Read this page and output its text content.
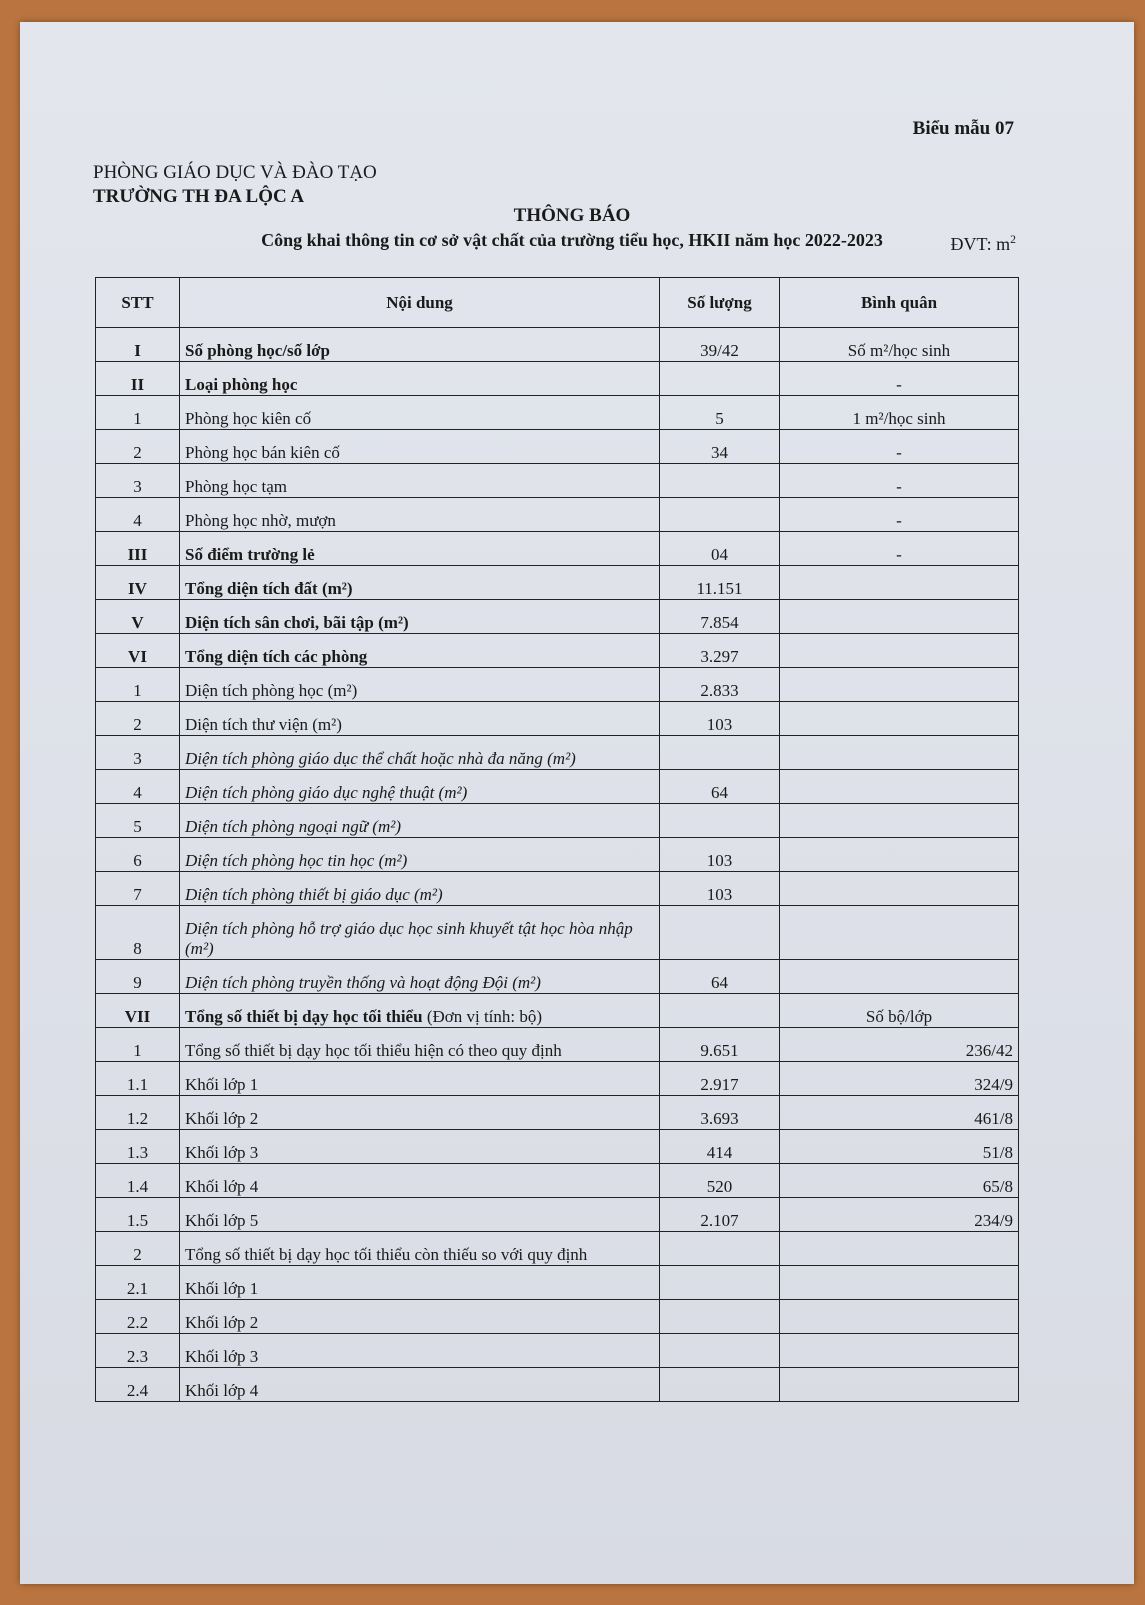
Biểu mẫu 07
PHÒNG GIÁO DỤC VÀ ĐÀO TẠO
TRƯỜNG TH ĐA LỘC A
THÔNG BÁO
Công khai thông tin cơ sở vật chất của trường tiểu học, HKII năm học 2022-2023	ĐVT: $m^2$
STT	Nội dung	Số lượng	Bình quân
I	Số phòng học/số lớp	39/42	Số m²/học sinh
II	Loại phòng học		-
1	Phòng học kiên cố	5	1 m²/học sinh
2	Phòng học bán kiên cố	34	-
3	Phòng học tạm		-
4	Phòng học nhờ, mượn		-
III	Số điểm trường lẻ	04	-
IV	Tổng diện tích đất (m²)	11.151	
V	Diện tích sân chơi, bãi tập (m²)	7.854	
VI	Tổng diện tích các phòng	3.297	
1	Diện tích phòng học (m²)	2.833	
2	Diện tích thư viện (m²)	103	
3	Diện tích phòng giáo dục thể chất hoặc nhà đa năng (m²)		
4	Diện tích phòng giáo dục nghệ thuật (m²)	64	
5	Diện tích phòng ngoại ngữ (m²)		
6	Diện tích phòng học tin học (m²)	103	
7	Diện tích phòng thiết bị giáo dục (m²)	103	
8	Diện tích phòng hỗ trợ giáo dục học sinh khuyết tật học hòa nhập (m²)		
9	Diện tích phòng truyền thống và hoạt động Đội (m²)	64	
VII	Tổng số thiết bị dạy học tối thiểu (Đơn vị tính: bộ)		Số bộ/lớp
1	Tổng số thiết bị dạy học tối thiểu hiện có theo quy định	9.651	236/42
1.1	Khối lớp 1	2.917	324/9
1.2	Khối lớp 2	3.693	461/8
1.3	Khối lớp 3	414	51/8
1.4	Khối lớp 4	520	65/8
1.5	Khối lớp 5	2.107	234/9
2	Tổng số thiết bị dạy học tối thiểu còn thiếu so với quy định		
2.1	Khối lớp 1		
2.2	Khối lớp 2		
2.3	Khối lớp 3		
2.4	Khối lớp 4		
